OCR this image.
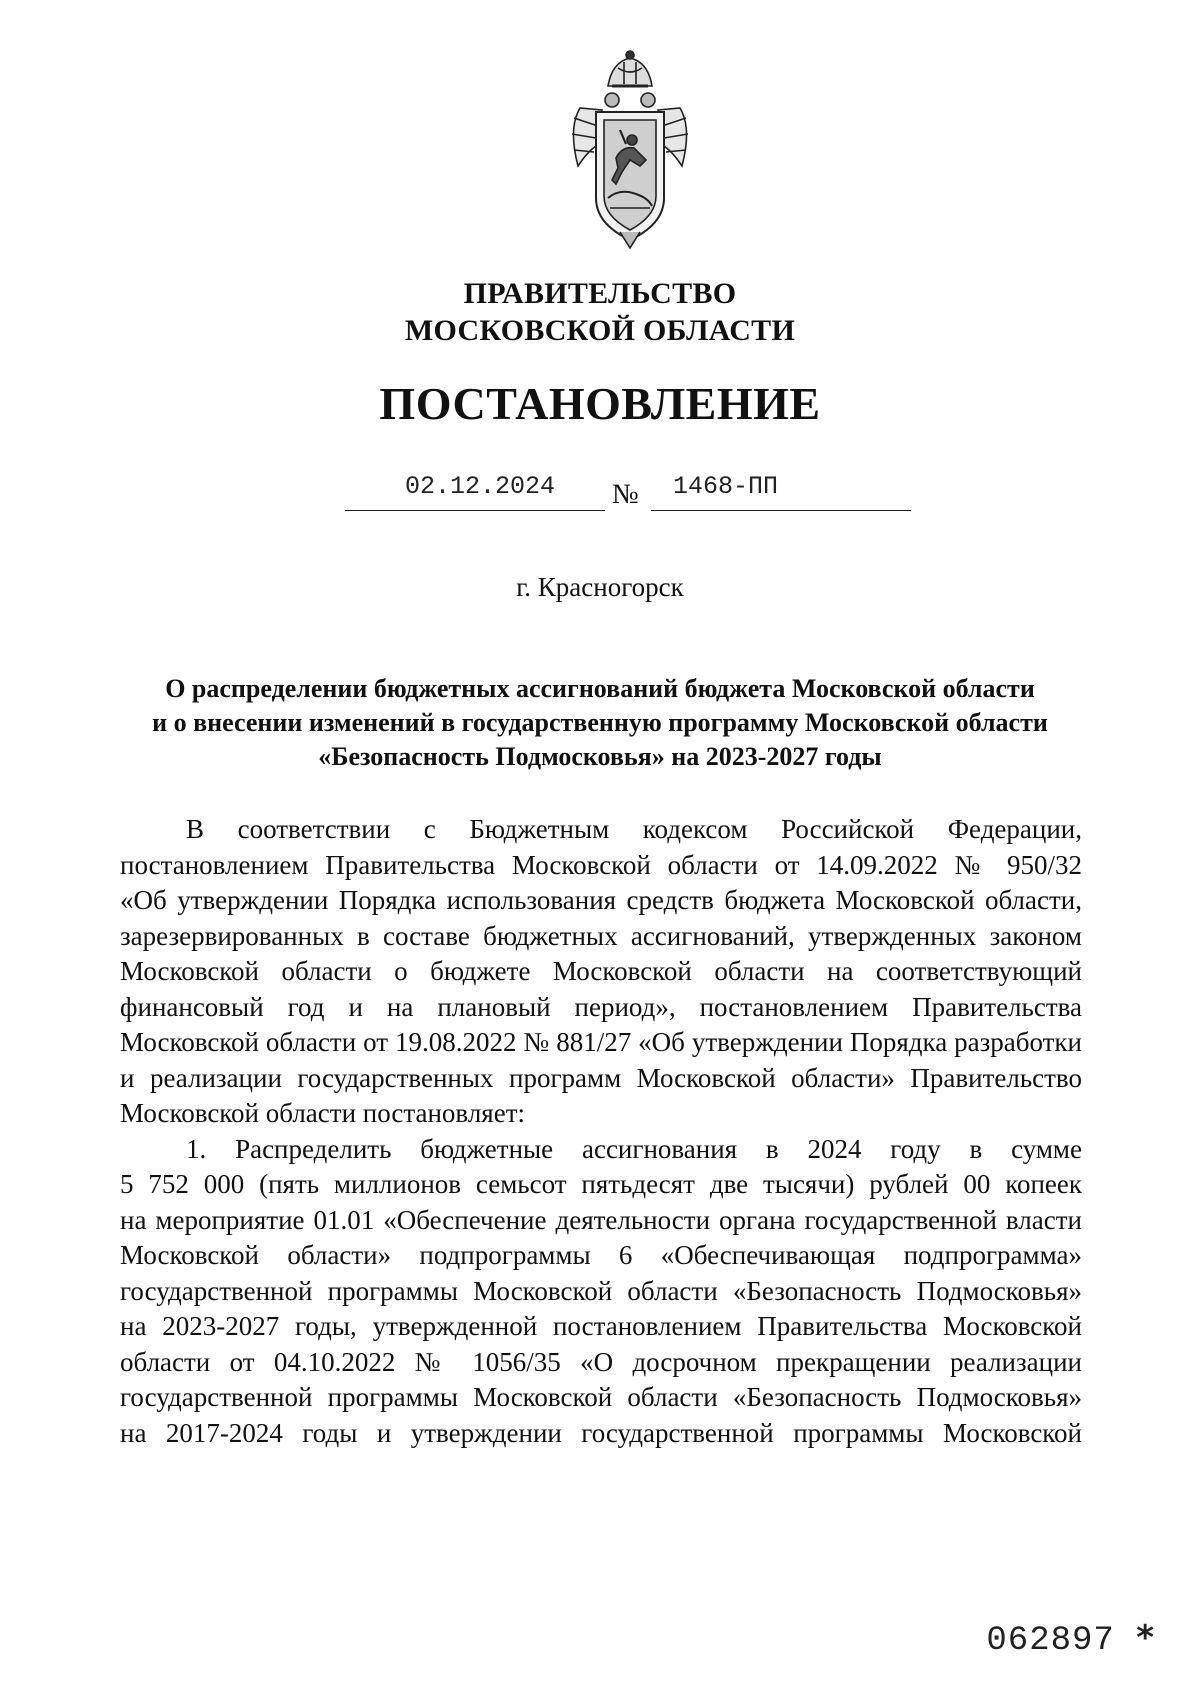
ПРАВИТЕЛЬСТВО
МОСКОВСКОЙ ОБЛАСТИ
ПОСТАНОВЛЕНИЕ
02.12.2024 № 1468-ПП
г. Красногорск
О распределении бюджетных ассигнований бюджета Московской области
и о внесении изменений в государственную программу Московской области
«Безопасность Подмосковья» на 2023-2027 годы
В соответствии с Бюджетным кодексом Российской Федерации,
постановлением Правительства Московской области от 14.09.2022 № 950/32
«Об утверждении Порядка использования средств бюджета Московской области,
зарезервированных в составе бюджетных ассигнований, утвержденных законом
Московской области о бюджете Московской области на соответствующий
финансовый год и на плановый период», постановлением Правительства
Московской области от 19.08.2022 № 881/27 «Об утверждении Порядка разработки
и реализации государственных программ Московской области» Правительство
Московской области постановляет:
1. Распределить бюджетные ассигнования в 2024 году в сумме
5 752 000 (пять миллионов семьсот пятьдесят две тысячи) рублей 00 копеек
на мероприятие 01.01 «Обеспечение деятельности органа государственной власти
Московской области» подпрограммы 6 «Обеспечивающая подпрограмма»
государственной программы Московской области «Безопасность Подмосковья»
на 2023-2027 годы, утвержденной постановлением Правительства Московской
области от 04.10.2022 № 1056/35 «О досрочном прекращении реализации
государственной программы Московской области «Безопасность Подмосковья»
на 2017-2024 годы и утверждении государственной программы Московской
062897 *
